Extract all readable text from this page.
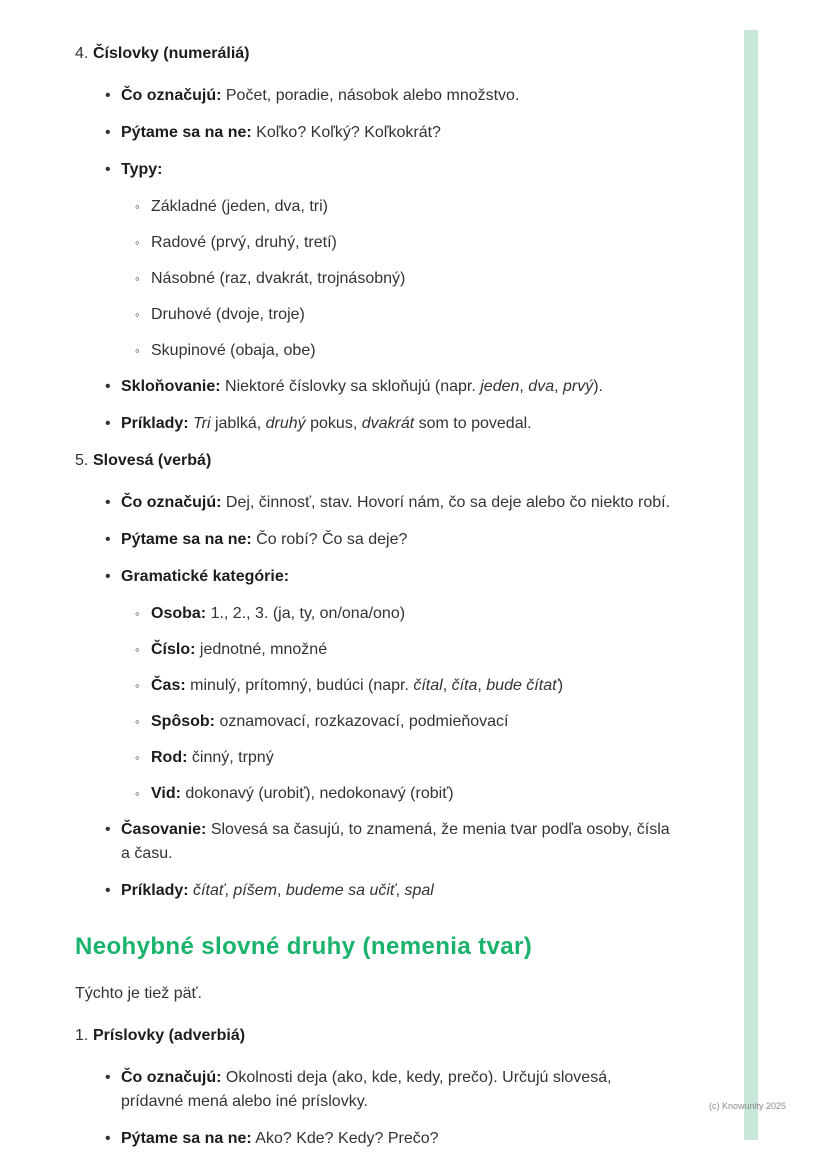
4. Číslovky (numeráliá)
• Čo označujú: Počet, poradie, násobok alebo množstvo.
• Pýtame sa na ne: Koľko? Koľký? Koľkokrát?
• Typy:
◦ Základné (jeden, dva, tri)
◦ Radové (prvý, druhý, tretí)
◦ Násobné (raz, dvakrát, trojnásobný)
◦ Druhové (dvoje, troje)
◦ Skupinové (obaja, obe)
• Skloňovanie: Niektoré číslovky sa skloňujú (napr. jeden, dva, prvý).
• Príklady: Tri jablká, druhý pokus, dvakrát som to povedal.
5. Slovesá (verbá)
• Čo označujú: Dej, činnosť, stav. Hovorí nám, čo sa deje alebo čo niekto robí.
• Pýtame sa na ne: Čo robí? Čo sa deje?
• Gramatické kategórie:
◦ Osoba: 1., 2., 3. (ja, ty, on/ona/ono)
◦ Číslo: jednotné, množné
◦ Čas: minulý, prítomný, budúci (napr. čítal, číta, bude čítať)
◦ Spôsob: oznamovací, rozkazovací, podmieňovací
◦ Rod: činný, trpný
◦ Vid: dokonavý (urobiť), nedokonavý (robiť)
• Časovanie: Slovesá sa časujú, to znamená, že menia tvar podľa osoby, čísla a času.
• Príklady: čítať, píšem, budeme sa učiť, spal
Neohybné slovné druhy (nemenia tvar)

Týchto je tiež päť.

1. Príslovky (adverbiá)
• Čo označujú: Okolnosti deja (ako, kde, kedy, prečo). Určujú slovesá, prídavné mená alebo iné príslovky.
• Pýtame sa na ne: Ako? Kde? Kedy? Prečo?
(c) Knowunity 2025
